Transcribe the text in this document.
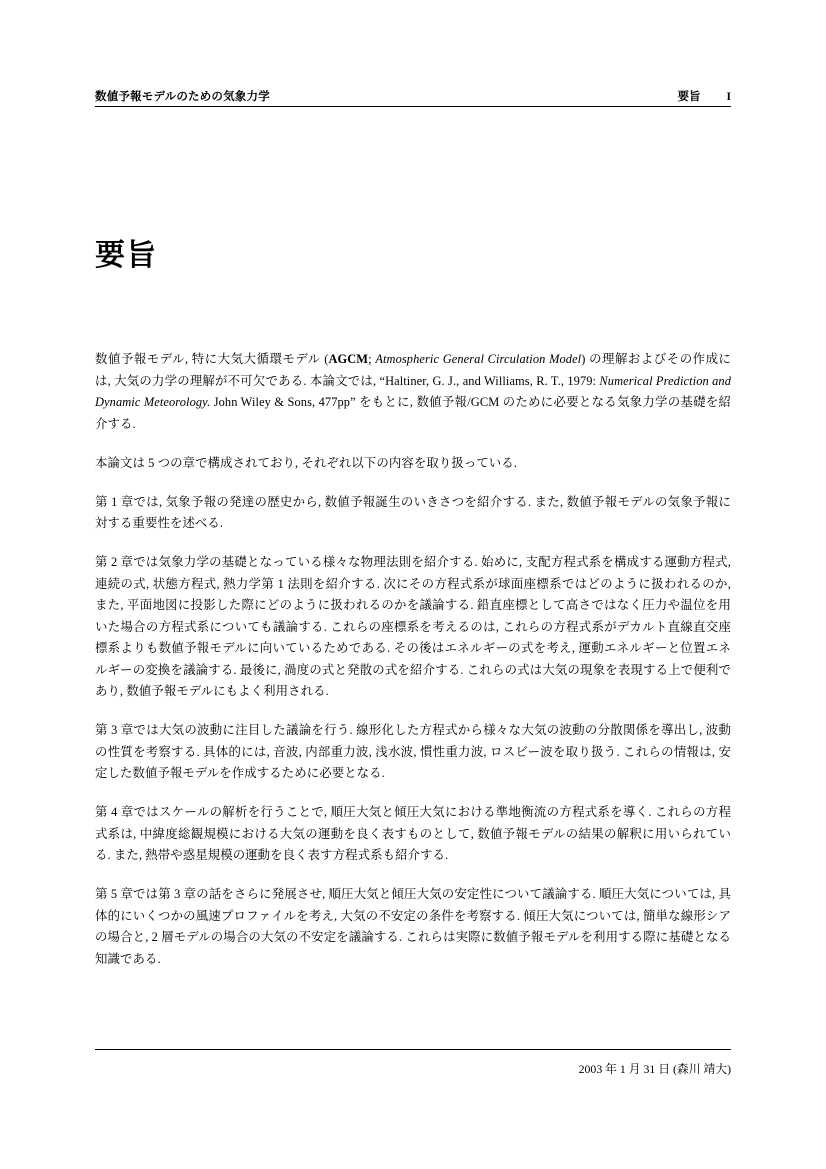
数値予報モデルのための気象力学	要旨 I
要旨

数値予報モデル, 特に大気大循環モデル (AGCM; Atmospheric General Circulation Model) の理解およびその作成には, 大気の力学の理解が不可欠である. 本論文では, “Haltiner, G. J., and Williams, R. T., 1979: Numerical Prediction and Dynamic Meteorology. John Wiley & Sons, 477pp” をもとに, 数値予報/GCM のために必要となる気象力学の基礎を紹介する.

本論文は 5 つの章で構成されており, それぞれ以下の内容を取り扱っている.

第 1 章では, 気象予報の発達の歴史から, 数値予報誕生のいきさつを紹介する. また, 数値予報モデルの気象予報に対する重要性を述べる.

第 2 章では気象力学の基礎となっている様々な物理法則を紹介する. 始めに, 支配方程式系を構成する運動方程式, 連続の式, 状態方程式, 熱力学第 1 法則を紹介する. 次にその方程式系が球面座標系ではどのように扱われるのか, また, 平面地図に投影した際にどのように扱われるのかを議論する. 鉛直座標として高さではなく圧力や温位を用いた場合の方程式系についても議論する. これらの座標系を考えるのは, これらの方程式系がデカルト直線直交座標系よりも数値予報モデルに向いているためである. その後はエネルギーの式を考え, 運動エネルギーと位置エネルギーの変換を議論する. 最後に, 渦度の式と発散の式を紹介する. これらの式は大気の現象を表現する上で便利であり, 数値予報モデルにもよく利用される.

第 3 章では大気の波動に注目した議論を行う. 線形化した方程式から様々な大気の波動の分散関係を導出し, 波動の性質を考察する. 具体的には, 音波, 内部重力波, 浅水波, 慣性重力波, ロスビー波を取り扱う. これらの情報は, 安定した数値予報モデルを作成するために必要となる.

第 4 章ではスケールの解析を行うことで, 順圧大気と傾圧大気における準地衡流の方程式系を導く. これらの方程式系は, 中緯度総観規模における大気の運動を良く表すものとして, 数値予報モデルの結果の解釈に用いられている. また, 熱帯や惑星規模の運動を良く表す方程式系も紹介する.

第 5 章では第 3 章の話をさらに発展させ, 順圧大気と傾圧大気の安定性について議論する. 順圧大気については, 具体的にいくつかの風速プロファイルを考え, 大気の不安定の条件を考察する. 傾圧大気については, 簡単な線形シアの場合と, 2 層モデルの場合の大気の不安定を議論する. これらは実際に数値予報モデルを利用する際に基礎となる知識である.

2003 年 1 月 31 日 (森川 靖大)
